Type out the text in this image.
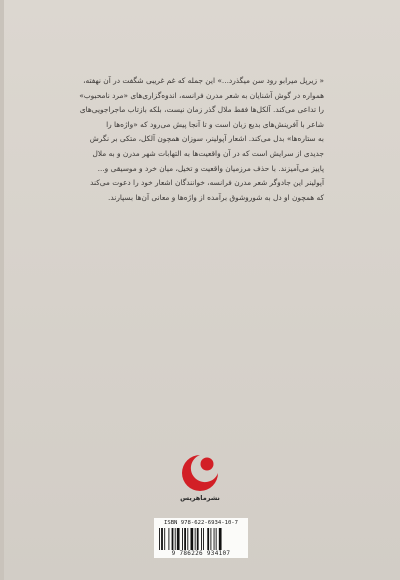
« زیرپل میرابو رود سن میگذرد...» این جمله که غم غریبی شگفت در آن نهفته،

همواره در گوش آشنایان به شعر مدرن فرانسه، اندوه‌گزاری‌های «مرد نامحبوب»

را تداعی می‌کند. آلکل‌ها فقط ملال گذر زمان نیست، بلکه بازتاب ماجراجویی‌های

شاعر با آفرینش‌های بدیع زبان است و تا آنجا پیش می‌رود که «واژه‌ها را

به ستاره‌ها» بدل می‌کند. اشعار آپولینر، سوزان همچون آلکل، متکی بر نگرش

جدیدی از سرایش است که در آن واقعیت‌ها به التهابات شهر مدرن و به ملال

پاییز می‌آمیزند. با حذف مرزمیان واقعیت و تخیل، میان خرد و موسیقی و...

آپولینر این جادوگر شعر مدرن فرانسه، خوانندگان اشعار خود را دعوت می‌کند

که همچون او دل به شوروشوق برآمده از واژه‌ها و معانی آن‌ها بسپارند.

نشرماهریس
ISBN 978-622-6934-10-7
9 786226 934107
